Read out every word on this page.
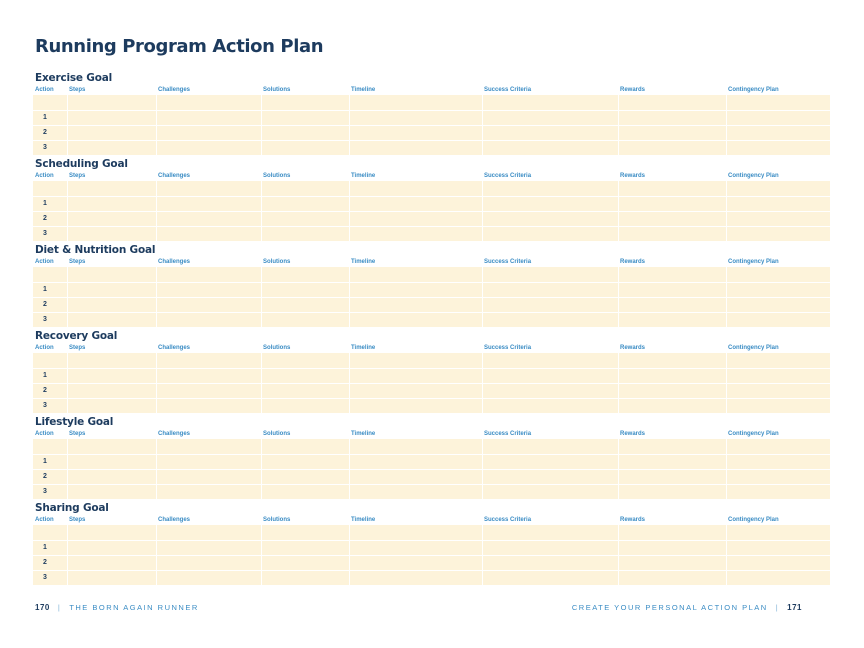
Running Program Action Plan
Exercise Goal
Action	Steps	Challenges	Solutions	Timeline	Success Criteria	Rewards	Contingency Plan

1							
2							
3							
Scheduling Goal
Action	Steps	Challenges	Solutions	Timeline	Success Criteria	Rewards	Contingency Plan

1							
2							
3							
Diet & Nutrition Goal
Action	Steps	Challenges	Solutions	Timeline	Success Criteria	Rewards	Contingency Plan

1							
2							
3							
Recovery Goal
Action	Steps	Challenges	Solutions	Timeline	Success Criteria	Rewards	Contingency Plan

1							
2							
3							
Lifestyle Goal
Action	Steps	Challenges	Solutions	Timeline	Success Criteria	Rewards	Contingency Plan

1							
2							
3							
Sharing Goal
Action	Steps	Challenges	Solutions	Timeline	Success Criteria	Rewards	Contingency Plan

1							
2							
3							
170 | THE BORN AGAIN RUNNER	CREATE YOUR PERSONAL ACTION PLAN | 171
